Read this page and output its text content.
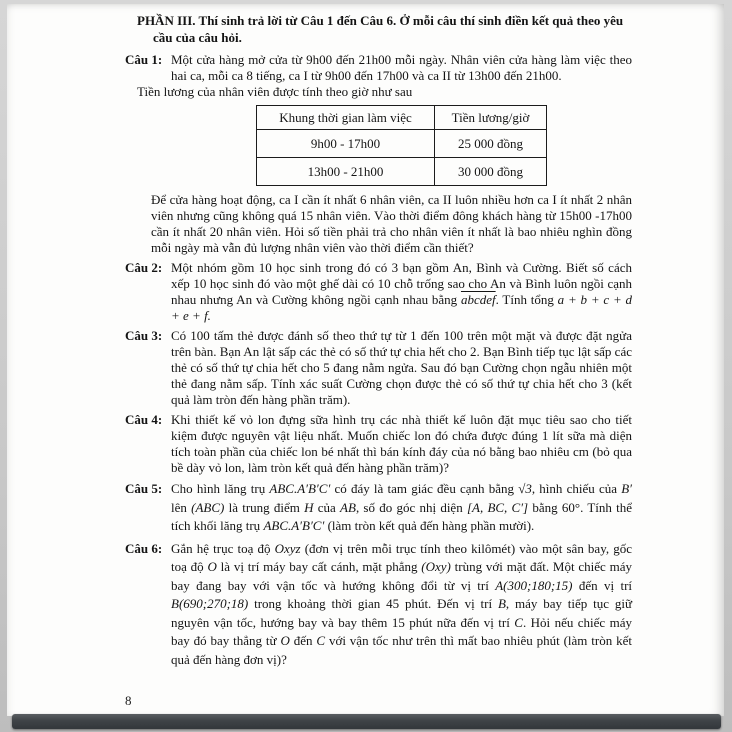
PHẦN III. Thí sinh trả lời từ Câu 1 đến Câu 6. Ở mỗi câu thí sinh điền kết quả theo yêu cầu của câu hỏi.

Câu 1: Một cửa hàng mở cửa từ 9h00 đến 21h00 mỗi ngày. Nhân viên cửa hàng làm việc theo hai ca, mỗi ca 8 tiếng, ca I từ 9h00 đến 17h00 và ca II từ 13h00 đến 21h00.

Tiền lương của nhân viên được tính theo giờ như sau

Khung thời gian làm việc	Tiền lương/giờ
9h00 - 17h00	25 000 đồng
13h00 - 21h00	30 000 đồng

Để cửa hàng hoạt động, ca I cần ít nhất 6 nhân viên, ca II luôn nhiều hơn ca I ít nhất 2 nhân viên nhưng cũng không quá 15 nhân viên. Vào thời điểm đông khách hàng từ 15h00 -17h00 cần ít nhất 20 nhân viên. Hỏi số tiền phải trả cho nhân viên ít nhất là bao nhiêu nghìn đồng mỗi ngày mà vẫn đủ lượng nhân viên vào thời điểm cần thiết?

Câu 2: Một nhóm gồm 10 học sinh trong đó có 3 bạn gồm An, Bình và Cường. Biết số cách xếp 10 học sinh đó vào một ghế dài có 10 chỗ trống sao cho An và Bình luôn ngồi cạnh nhau nhưng An và Cường không ngồi cạnh nhau bằng abcdef. Tính tổng a + b + c + d + e + f.

Câu 3: Có 100 tấm thẻ được đánh số theo thứ tự từ 1 đến 100 trên một mặt và được đặt ngửa trên bàn. Bạn An lật sấp các thẻ có số thứ tự chia hết cho 2. Bạn Bình tiếp tục lật sấp các thẻ có số thứ tự chia hết cho 5 đang nằm ngửa. Sau đó bạn Cường chọn ngẫu nhiên một thẻ đang nằm sấp. Tính xác suất Cường chọn được thẻ có số thứ tự chia hết cho 3 (kết quả làm tròn đến hàng phần trăm).

Câu 4: Khi thiết kế vỏ lon đựng sữa hình trụ các nhà thiết kế luôn đặt mục tiêu sao cho tiết kiệm được nguyên vật liệu nhất. Muốn chiếc lon đó chứa được đúng 1 lít sữa mà diện tích toàn phần của chiếc lon bé nhất thì bán kính đáy của nó bằng bao nhiêu cm (bỏ qua bề dày vỏ lon, làm tròn kết quả đến hàng phần trăm)?

Câu 5: Cho hình lăng trụ ABC.A′B′C′ có đáy là tam giác đều cạnh bằng √3, hình chiếu của B′ lên (ABC) là trung điểm H của AB, số đo góc nhị diện [A, BC, C′] bằng 60°. Tính thể tích khối lăng trụ ABC.A′B′C′ (làm tròn kết quả đến hàng phần mười).

Câu 6: Gắn hệ trục toạ độ Oxyz (đơn vị trên mỗi trục tính theo kilômét) vào một sân bay, gốc toạ độ O là vị trí máy bay cất cánh, mặt phẳng (Oxy) trùng với mặt đất. Một chiếc máy bay đang bay với vận tốc và hướng không đổi từ vị trí A(300;180;15) đến vị trí B(690;270;18) trong khoảng thời gian 45 phút. Đến vị trí B, máy bay tiếp tục giữ nguyên vận tốc, hướng bay và bay thêm 15 phút nữa đến vị trí C. Hỏi nếu chiếc máy bay đó bay thẳng từ O đến C với vận tốc như trên thì mất bao nhiêu phút (làm tròn kết quả đến hàng đơn vị)?

8
